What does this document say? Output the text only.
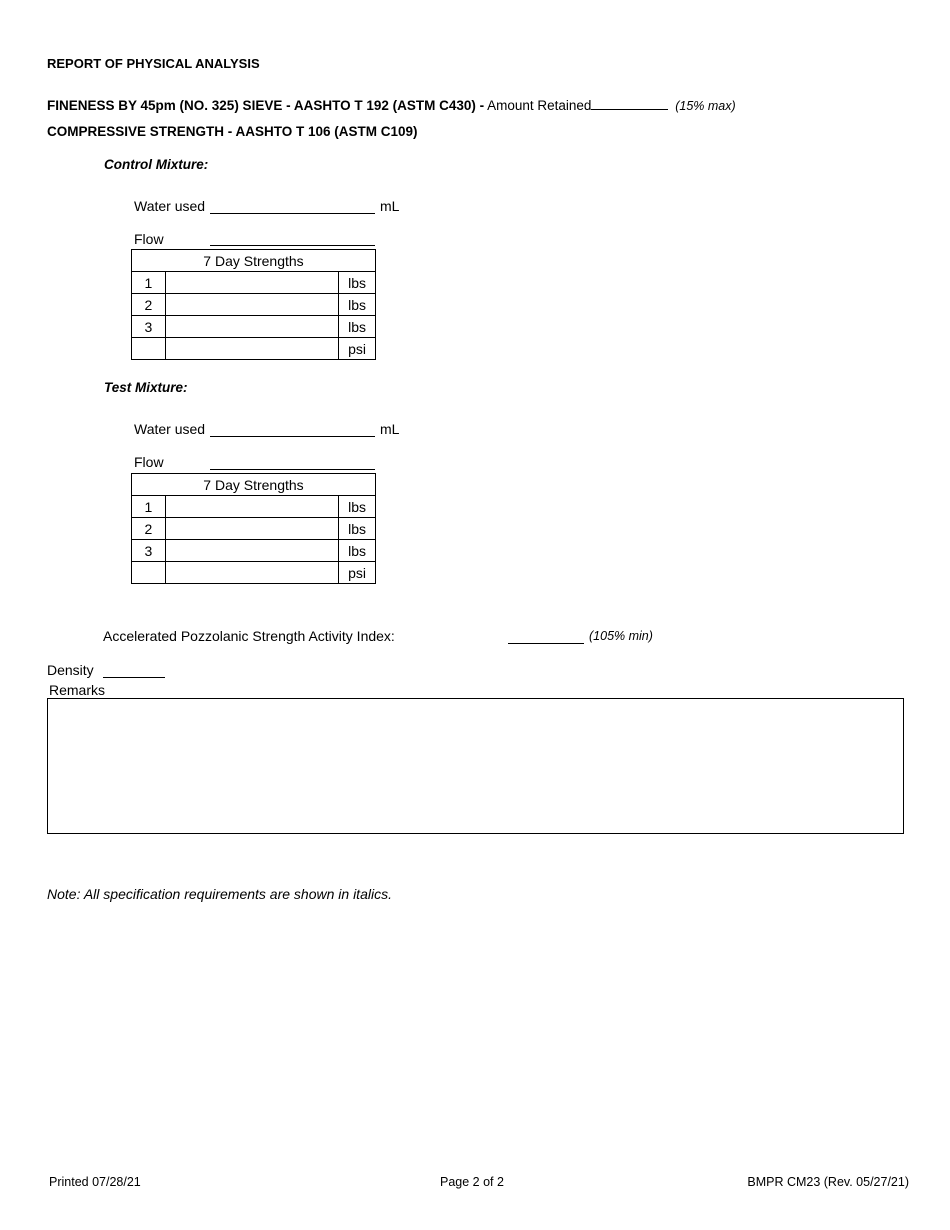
REPORT OF PHYSICAL ANALYSIS
FINENESS BY 45pm (NO. 325) SIEVE - AASHTO T 192 (ASTM C430) - Amount Retained	(15% max)
COMPRESSIVE STRENGTH - AASHTO T 106 (ASTM C109)
Control Mixture:
Water used	mL
Flow
7 Day Strengths		
1		lbs
2		lbs
3		lbs
		psi
Test Mixture:
Water used	mL
Flow
7 Day Strengths		
1		lbs
2		lbs
3		lbs
		psi
Accelerated Pozzolanic Strength Activity Index:	(105% min)
Density
Remarks
Note: All specification requirements are shown in italics.
Printed 07/28/21	Page 2 of 2	BMPR CM23 (Rev. 05/27/21)
